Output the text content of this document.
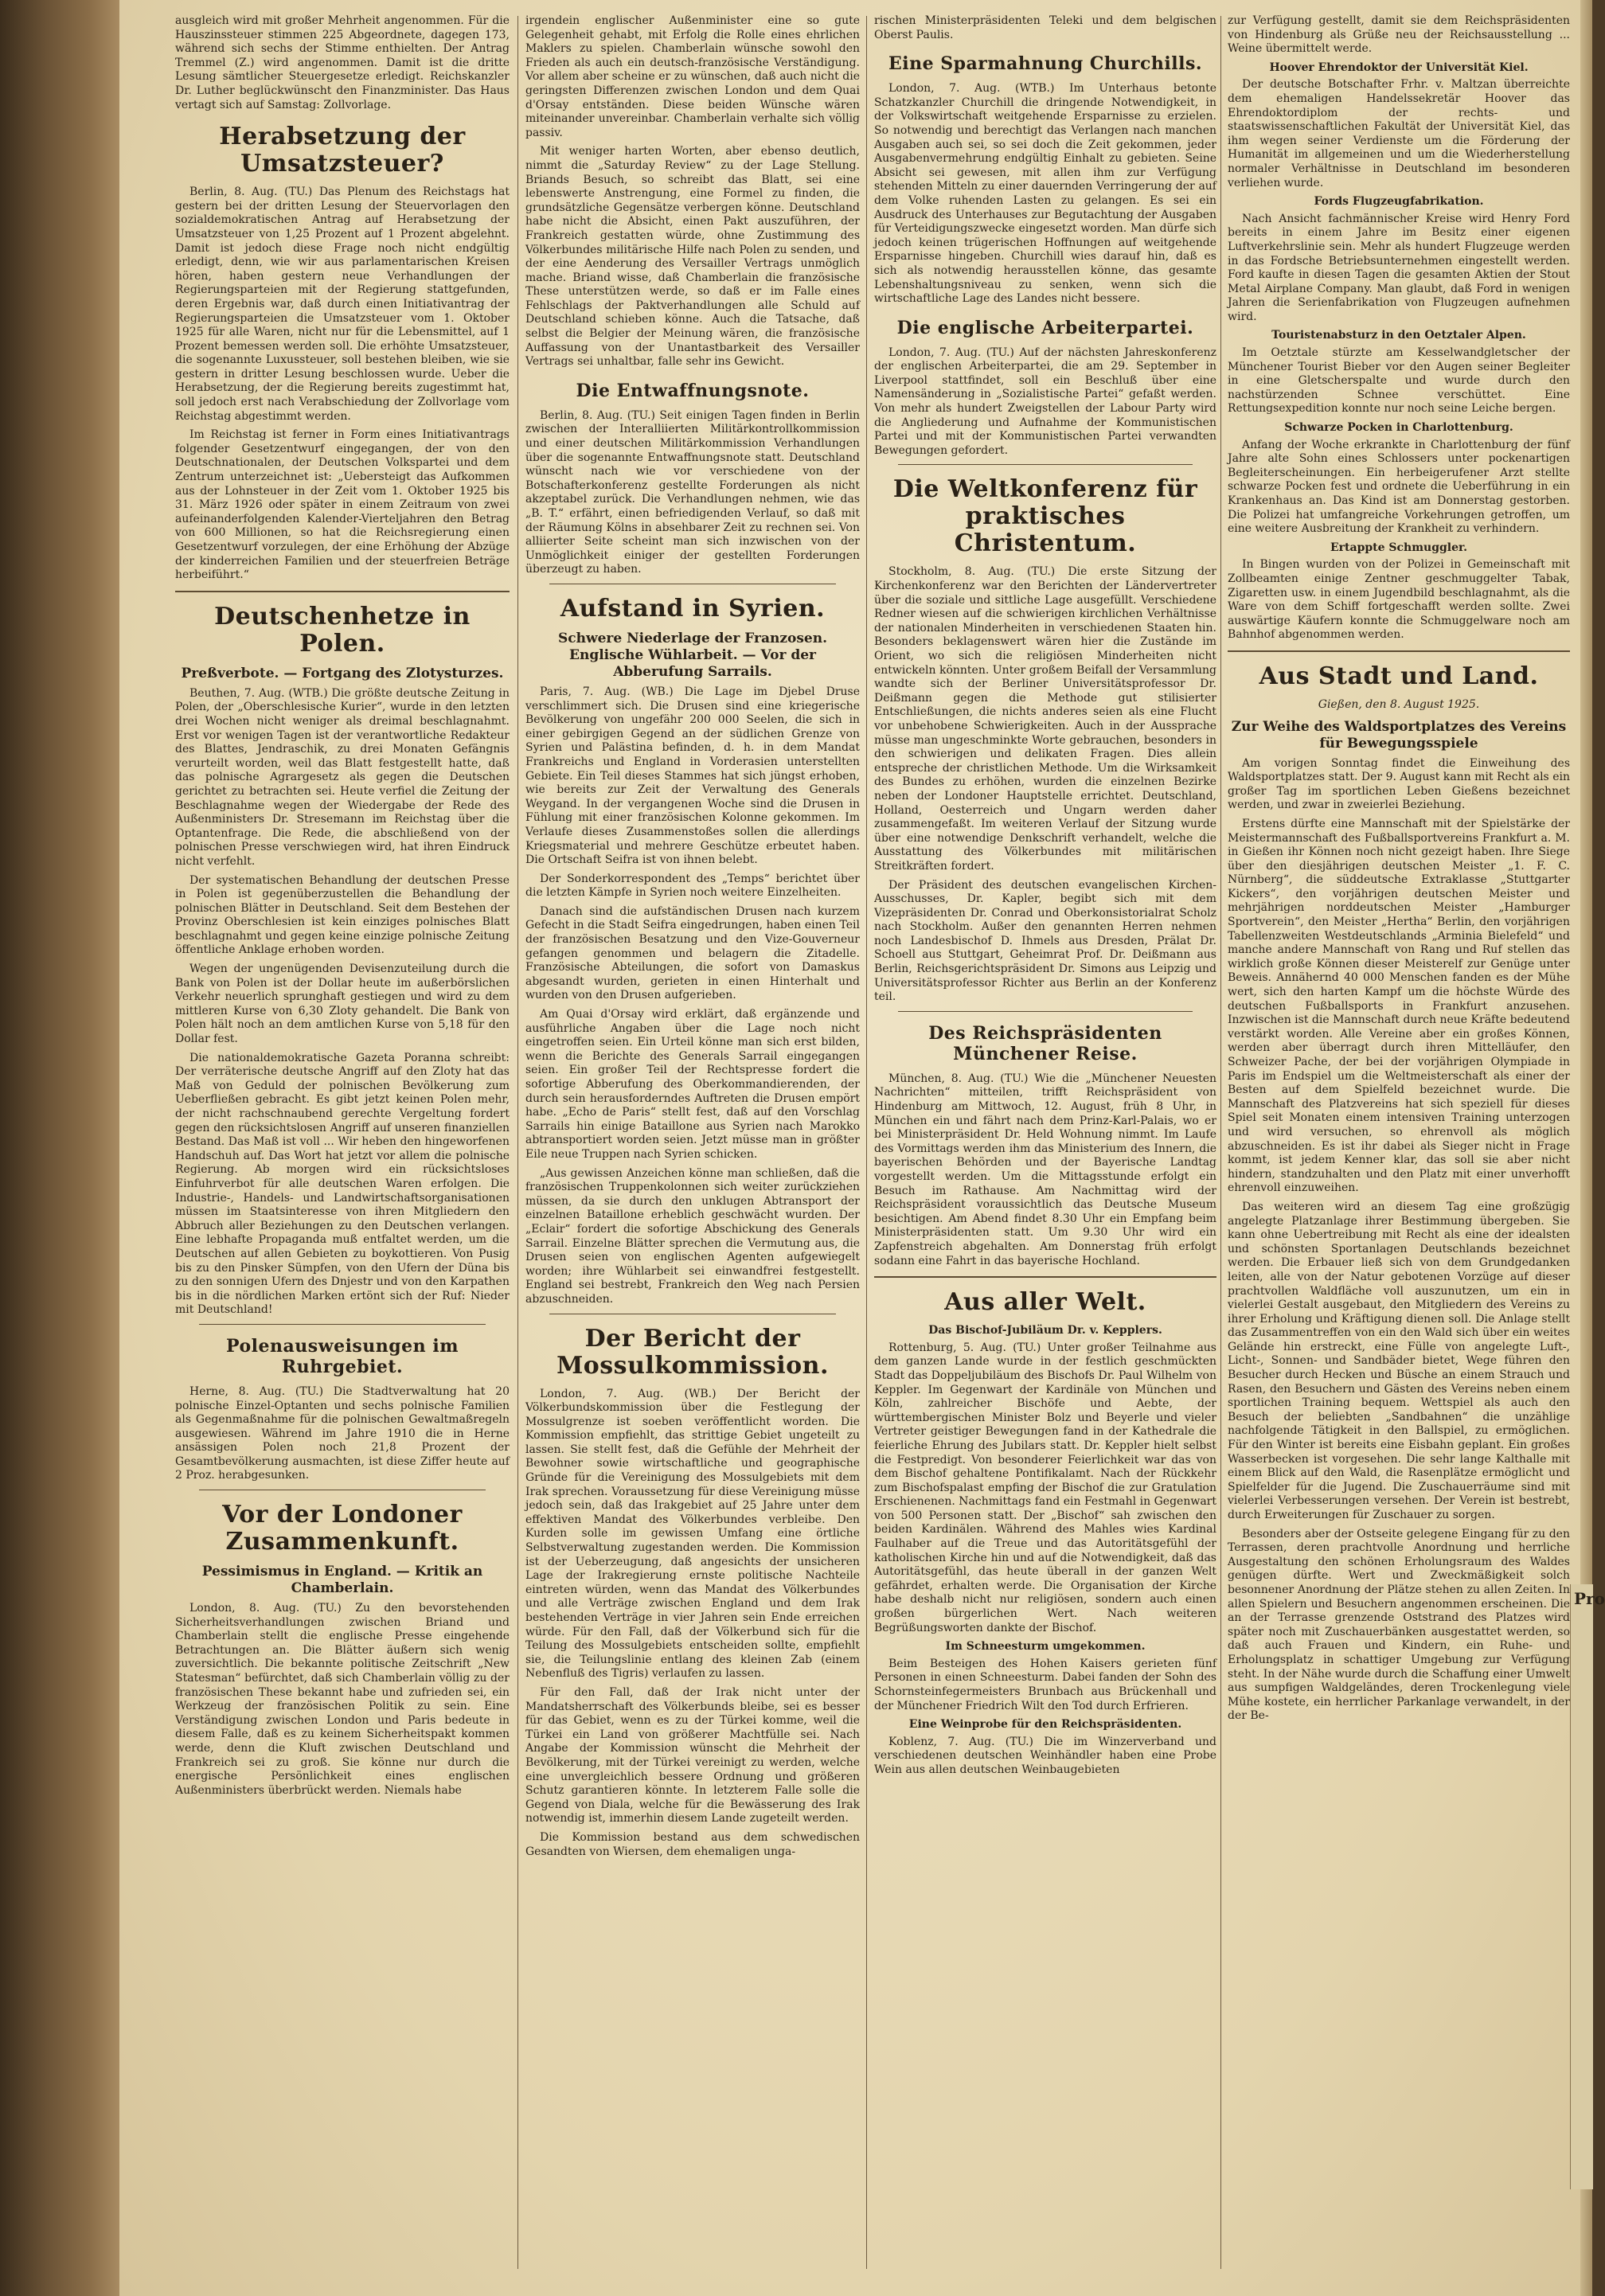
ausgleich wird mit großer Mehrheit angenommen. Für die Hauszinssteuer stimmen 225 Abgeordnete, dagegen 173, während sich sechs der Stimme enthielten. Der Antrag Tremmel (Z.) wird angenommen. Damit ist die dritte Lesung sämtlicher Steuergesetze erledigt. Reichskanzler Dr. Luther beglückwünscht den Finanzminister. Das Haus vertagt sich auf Samstag: Zollvorlage.

Herabsetzung der Umsatzsteuer?

Berlin, 8. Aug. (TU.) Das Plenum des Reichstags hat gestern bei der dritten Lesung der Steuervorlagen den sozialdemokratischen Antrag auf Herabsetzung der Umsatzsteuer von 1,25 Prozent auf 1 Prozent abgelehnt. Damit ist jedoch diese Frage noch nicht endgültig erledigt, denn, wie wir aus parlamentarischen Kreisen hören, haben gestern neue Verhandlungen der Regierungsparteien mit der Regierung stattgefunden, deren Ergebnis war, daß durch einen Initiativantrag der Regierungsparteien die Umsatzsteuer vom 1. Oktober 1925 für alle Waren, nicht nur für die Lebensmittel, auf 1 Prozent bemessen werden soll. Die erhöhte Umsatzsteuer, die sogenannte Luxussteuer, soll bestehen bleiben, wie sie gestern in dritter Lesung beschlossen wurde. Ueber die Herabsetzung, der die Regierung bereits zugestimmt hat, soll jedoch erst nach Verabschiedung der Zollvorlage vom Reichstag abgestimmt werden.

Im Reichstag ist ferner in Form eines Initiativantrags folgender Gesetzentwurf eingegangen, der von den Deutschnationalen, der Deutschen Volkspartei und dem Zentrum unterzeichnet ist: „Uebersteigt das Aufkommen aus der Lohnsteuer in der Zeit vom 1. Oktober 1925 bis 31. März 1926 oder später in einem Zeitraum von zwei aufeinanderfolgenden Kalender-Vierteljahren den Betrag von 600 Millionen, so hat die Reichsregierung einen Gesetzentwurf vorzulegen, der eine Erhöhung der Abzüge der kinderreichen Familien und der steuerfreien Beträge herbeiführt.“

Deutschenhetze in Polen.
Preßverbote. — Fortgang des Zlotysturzes.

Beuthen, 7. Aug. (WTB.) Die größte deutsche Zeitung in Polen, der „Oberschlesische Kurier“, wurde in den letzten drei Wochen nicht weniger als dreimal beschlagnahmt. Erst vor wenigen Tagen ist der verantwortliche Redakteur des Blattes, Jendraschik, zu drei Monaten Gefängnis verurteilt worden, weil das Blatt festgestellt hatte, daß das polnische Agrargesetz als gegen die Deutschen gerichtet zu betrachten sei. Heute verfiel die Zeitung der Beschlagnahme wegen der Wiedergabe der Rede des Außenministers Dr. Stresemann im Reichstag über die Optantenfrage. Die Rede, die abschließend von der polnischen Presse verschwiegen wird, hat ihren Eindruck nicht verfehlt.

Der systematischen Behandlung der deutschen Presse in Polen ist gegenüberzustellen die Behandlung der polnischen Blätter in Deutschland. Seit dem Bestehen der Provinz Oberschlesien ist kein einziges polnisches Blatt beschlagnahmt und gegen keine einzige polnische Zeitung öffentliche Anklage erhoben worden.

Wegen der ungenügenden Devisenzuteilung durch die Bank von Polen ist der Dollar heute im außerbörslichen Verkehr neuerlich sprunghaft gestiegen und wird zu dem mittleren Kurse von 6,30 Zloty gehandelt. Die Bank von Polen hält noch an dem amtlichen Kurse von 5,18 für den Dollar fest.

Die nationaldemokratische Gazeta Poranna schreibt: Der verräterische deutsche Angriff auf den Zloty hat das Maß von Geduld der polnischen Bevölkerung zum Ueberfließen gebracht. Es gibt jetzt keinen Polen mehr, der nicht rachschnaubend gerechte Vergeltung fordert gegen den rücksichtslosen Angriff auf unseren finanziellen Bestand. Das Maß ist voll ... Wir heben den hingeworfenen Handschuh auf. Das Wort hat jetzt vor allem die polnische Regierung. Ab morgen wird ein rücksichtsloses Einfuhrverbot für alle deutschen Waren erfolgen. Die Industrie-, Handels- und Landwirtschaftsorganisationen müssen im Staatsinteresse von ihren Mitgliedern den Abbruch aller Beziehungen zu den Deutschen verlangen. Eine lebhafte Propaganda muß entfaltet werden, um die Deutschen auf allen Gebieten zu boykottieren. Von Pusig bis zu den Pinsker Sümpfen, von den Ufern der Düna bis zu den sonnigen Ufern des Dnjestr und von den Karpathen bis in die nördlichen Marken ertönt sich der Ruf: Nieder mit Deutschland!

Polenausweisungen im Ruhrgebiet.

Herne, 8. Aug. (TU.) Die Stadtverwaltung hat 20 polnische Einzel-Optanten und sechs polnische Familien als Gegenmaßnahme für die polnischen Gewaltmaßregeln ausgewiesen. Während im Jahre 1910 die in Herne ansässigen Polen noch 21,8 Prozent der Gesamtbevölkerung ausmachten, ist diese Ziffer heute auf 2 Proz. herabgesunken.

Vor der Londoner Zusammenkunft.
Pessimismus in England. — Kritik an Chamberlain.

London, 8. Aug. (TU.) Zu den bevorstehenden Sicherheitsverhandlungen zwischen Briand und Chamberlain stellt die englische Presse eingehende Betrachtungen an. Die Blätter äußern sich wenig zuversichtlich. Die bekannte politische Zeitschrift „New Statesman“ befürchtet, daß sich Chamberlain völlig zu der französischen These bekannt habe und zufrieden sei, ein Werkzeug der französischen Politik zu sein. Eine Verständigung zwischen London und Paris bedeute in diesem Falle, daß es zu keinem Sicherheitspakt kommen werde, denn die Kluft zwischen Deutschland und Frankreich sei zu groß. Sie könne nur durch die energische Persönlichkeit eines englischen Außenministers überbrückt werden. Niemals habe

irgendein englischer Außenminister eine so gute Gelegenheit gehabt, mit Erfolg die Rolle eines ehrlichen Maklers zu spielen. Chamberlain wünsche sowohl den Frieden als auch ein deutsch-französische Verständigung. Vor allem aber scheine er zu wünschen, daß auch nicht die geringsten Differenzen zwischen London und dem Quai d'Orsay entständen. Diese beiden Wünsche wären miteinander unvereinbar. Chamberlain verhalte sich völlig passiv.

Mit weniger harten Worten, aber ebenso deutlich, nimmt die „Saturday Review“ zu der Lage Stellung. Briands Besuch, so schreibt das Blatt, sei eine lebenswerte Anstrengung, eine Formel zu finden, die grundsätzliche Gegensätze verbergen könne. Deutschland habe nicht die Absicht, einen Pakt auszuführen, der Frankreich gestatten würde, ohne Zustimmung des Völkerbundes militärische Hilfe nach Polen zu senden, und der eine Aenderung des Versailler Vertrags unmöglich mache. Briand wisse, daß Chamberlain die französische These unterstützen werde, so daß er im Falle eines Fehlschlags der Paktverhandlungen alle Schuld auf Deutschland schieben könne. Auch die Tatsache, daß selbst die Belgier der Meinung wären, die französische Auffassung von der Unantastbarkeit des Versailler Vertrags sei unhaltbar, falle sehr ins Gewicht.

Die Entwaffnungsnote.

Berlin, 8. Aug. (TU.) Seit einigen Tagen finden in Berlin zwischen der Interalliierten Militärkontrollkommission und einer deutschen Militärkommission Verhandlungen über die sogenannte Entwaffnungsnote statt. Deutschland wünscht nach wie vor verschiedene von der Botschafterkonferenz gestellte Forderungen als nicht akzeptabel zurück. Die Verhandlungen nehmen, wie das „B. T.“ erfährt, einen befriedigenden Verlauf, so daß mit der Räumung Kölns in absehbarer Zeit zu rechnen sei. Von alliierter Seite scheint man sich inzwischen von der Unmöglichkeit einiger der gestellten Forderungen überzeugt zu haben.

Aufstand in Syrien.
Schwere Niederlage der Franzosen. Englische Wühlarbeit. — Vor der Abberufung Sarrails.

Paris, 7. Aug. (WB.) Die Lage im Djebel Druse verschlimmert sich. Die Drusen sind eine kriegerische Bevölkerung von ungefähr 200 000 Seelen, die sich in einer gebirgigen Gegend an der südlichen Grenze von Syrien und Palästina befinden, d. h. in dem Mandat Frankreichs und England in Vorderasien unterstellten Gebiete. Ein Teil dieses Stammes hat sich jüngst erhoben, wie bereits zur Zeit der Verwaltung des Generals Weygand. In der vergangenen Woche sind die Drusen in Fühlung mit einer französischen Kolonne gekommen. Im Verlaufe dieses Zusammenstoßes sollen die allerdings Kriegsmaterial und mehrere Geschütze erbeutet haben. Die Ortschaft Seifra ist von ihnen belebt.

Der Sonderkorrespondent des „Temps“ berichtet über die letzten Kämpfe in Syrien noch weitere Einzelheiten.

Danach sind die aufständischen Drusen nach kurzem Gefecht in die Stadt Seifra eingedrungen, haben einen Teil der französischen Besatzung und den Vize-Gouverneur gefangen genommen und belagern die Zitadelle. Französische Abteilungen, die sofort von Damaskus abgesandt wurden, gerieten in einen Hinterhalt und wurden von den Drusen aufgerieben.

Am Quai d'Orsay wird erklärt, daß ergänzende und ausführliche Angaben über die Lage noch nicht eingetroffen seien. Ein Urteil könne man sich erst bilden, wenn die Berichte des Generals Sarrail eingegangen seien. Ein großer Teil der Rechtspresse fordert die sofortige Abberufung des Oberkommandierenden, der durch sein herausforderndes Auftreten die Drusen empört habe. „Echo de Paris“ stellt fest, daß auf den Vorschlag Sarrails hin einige Bataillone aus Syrien nach Marokko abtransportiert worden seien. Jetzt müsse man in größter Eile neue Truppen nach Syrien schicken.

„Aus gewissen Anzeichen könne man schließen, daß die französischen Truppenkolonnen sich weiter zurückziehen müssen, da sie durch den unklugen Abtransport der einzelnen Bataillone erheblich geschwächt wurden. Der „Eclair“ fordert die sofortige Abschickung des Generals Sarrail. Einzelne Blätter sprechen die Vermutung aus, die Drusen seien von englischen Agenten aufgewiegelt worden; ihre Wühlarbeit sei einwandfrei festgestellt. England sei bestrebt, Frankreich den Weg nach Persien abzuschneiden.

Der Bericht der Mossulkommission.

London, 7. Aug. (WB.) Der Bericht der Völkerbundskommission über die Festlegung der Mossulgrenze ist soeben veröffentlicht worden. Die Kommission empfiehlt, das strittige Gebiet ungeteilt zu lassen. Sie stellt fest, daß die Gefühle der Mehrheit der Bewohner sowie wirtschaftliche und geographische Gründe für die Vereinigung des Mossulgebiets mit dem Irak sprechen. Voraussetzung für diese Vereinigung müsse jedoch sein, daß das Irakgebiet auf 25 Jahre unter dem effektiven Mandat des Völkerbundes verbleibe. Den Kurden solle im gewissen Umfang eine örtliche Selbstverwaltung zugestanden werden. Die Kommission ist der Ueberzeugung, daß angesichts der unsicheren Lage der Irakregierung ernste politische Nachteile eintreten würden, wenn das Mandat des Völkerbundes und alle Verträge zwischen England und dem Irak bestehenden Verträge in vier Jahren sein Ende erreichen würde. Für den Fall, daß der Völkerbund sich für die Teilung des Mossulgebiets entscheiden sollte, empfiehlt sie, die Teilungslinie entlang des kleinen Zab (einem Nebenfluß des Tigris) verlaufen zu lassen.

Für den Fall, daß der Irak nicht unter der Mandatsherrschaft des Völkerbunds bleibe, sei es besser für das Gebiet, wenn es zu der Türkei komme, weil die Türkei ein Land von größerer Machtfülle sei. Nach Angabe der Kommission wünscht die Mehrheit der Bevölkerung, mit der Türkei vereinigt zu werden, welche eine unvergleichlich bessere Ordnung und größeren Schutz garantieren könnte. In letzterem Falle solle die Gegend von Diala, welche für die Bewässerung des Irak notwendig ist, immerhin diesem Lande zugeteilt werden.

Die Kommission bestand aus dem schwedischen Gesandten von Wiersen, dem ehemaligen unga-

rischen Ministerpräsidenten Teleki und dem belgischen Oberst Paulis.

Eine Sparmahnung Churchills.

London, 7. Aug. (WTB.) Im Unterhaus betonte Schatzkanzler Churchill die dringende Notwendigkeit, in der Volkswirtschaft weitgehende Ersparnisse zu erzielen. So notwendig und berechtigt das Verlangen nach manchen Ausgaben auch sei, so sei doch die Zeit gekommen, jeder Ausgabenvermehrung endgültig Einhalt zu gebieten. Seine Absicht sei gewesen, mit allen ihm zur Verfügung stehenden Mitteln zu einer dauernden Verringerung der auf dem Volke ruhenden Lasten zu gelangen. Es sei ein Ausdruck des Unterhauses zur Begutachtung der Ausgaben für Verteidigungszwecke eingesetzt worden. Man dürfe sich jedoch keinen trügerischen Hoffnungen auf weitgehende Ersparnisse hingeben. Churchill wies darauf hin, daß es sich als notwendig herausstellen könne, das gesamte Lebenshaltungsniveau zu senken, wenn sich die wirtschaftliche Lage des Landes nicht bessere.

Die englische Arbeiterpartei.

London, 7. Aug. (TU.) Auf der nächsten Jahreskonferenz der englischen Arbeiterpartei, die am 29. September in Liverpool stattfindet, soll ein Beschluß über eine Namensänderung in „Sozialistische Partei“ gefaßt werden. Von mehr als hundert Zweigstellen der Labour Party wird die Angliederung und Aufnahme der Kommunistischen Partei und mit der Kommunistischen Partei verwandten Bewegungen gefordert.

Die Weltkonferenz für praktisches Christentum.

Stockholm, 8. Aug. (TU.) Die erste Sitzung der Kirchenkonferenz war den Berichten der Ländervertreter über die soziale und sittliche Lage ausgefüllt. Verschiedene Redner wiesen auf die schwierigen kirchlichen Verhältnisse der nationalen Minderheiten in verschiedenen Staaten hin. Besonders beklagenswert wären hier die Zustände im Orient, wo sich die religiösen Minderheiten nicht entwickeln könnten. Unter großem Beifall der Versammlung wandte sich der Berliner Universitätsprofessor Dr. Deißmann gegen die Methode gut stilisierter Entschließungen, die nichts anderes seien als eine Flucht vor unbehobene Schwierigkeiten. Auch in der Aussprache müsse man ungeschminkte Worte gebrauchen, besonders in den schwierigen und delikaten Fragen. Dies allein entspreche der christlichen Methode. Um die Wirksamkeit des Bundes zu erhöhen, wurden die einzelnen Bezirke neben der Londoner Hauptstelle errichtet. Deutschland, Holland, Oesterreich und Ungarn werden daher zusammengefaßt. Im weiteren Verlauf der Sitzung wurde über eine notwendige Denkschrift verhandelt, welche die Ausstattung des Völkerbundes mit militärischen Streitkräften fordert.

Der Präsident des deutschen evangelischen Kirchen-Ausschusses, Dr. Kapler, begibt sich mit dem Vizepräsidenten Dr. Conrad und Oberkonsistorialrat Scholz nach Stockholm. Außer den genannten Herren nehmen noch Landesbischof D. Ihmels aus Dresden, Prälat Dr. Schoell aus Stuttgart, Geheimrat Prof. Dr. Deißmann aus Berlin, Reichsgerichtspräsident Dr. Simons aus Leipzig und Universitätsprofessor Richter aus Berlin an der Konferenz teil.

Des Reichspräsidenten Münchener Reise.

München, 8. Aug. (TU.) Wie die „Münchener Neuesten Nachrichten“ mitteilen, trifft Reichspräsident von Hindenburg am Mittwoch, 12. August, früh 8 Uhr, in München ein und fährt nach dem Prinz-Karl-Palais, wo er bei Ministerpräsident Dr. Held Wohnung nimmt. Im Laufe des Vormittags werden ihm das Ministerium des Innern, die bayerischen Behörden und der Bayerische Landtag vorgestellt werden. Um die Mittagsstunde erfolgt ein Besuch im Rathause. Am Nachmittag wird der Reichspräsident voraussichtlich das Deutsche Museum besichtigen. Am Abend findet 8.30 Uhr ein Empfang beim Ministerpräsidenten statt. Um 9.30 Uhr wird ein Zapfenstreich abgehalten. Am Donnerstag früh erfolgt sodann eine Fahrt in das bayerische Hochland.

Aus aller Welt.
Das Bischof-Jubiläum Dr. v. Kepplers.

Rottenburg, 5. Aug. (TU.) Unter großer Teilnahme aus dem ganzen Lande wurde in der festlich geschmückten Stadt das Doppeljubiläum des Bischofs Dr. Paul Wilhelm von Keppler. Im Gegenwart der Kardinäle von München und Köln, zahlreicher Bischöfe und Aebte, der württembergischen Minister Bolz und Beyerle und vieler Vertreter geistiger Bewegungen fand in der Kathedrale die feierliche Ehrung des Jubilars statt. Dr. Keppler hielt selbst die Festpredigt. Von besonderer Feierlichkeit war das von dem Bischof gehaltene Pontifikalamt. Nach der Rückkehr zum Bischofspalast empfing der Bischof die zur Gratulation Erschienenen. Nachmittags fand ein Festmahl in Gegenwart von 500 Personen statt. Der „Bischof“ sah zwischen den beiden Kardinälen. Während des Mahles wies Kardinal Faulhaber auf die Treue und das Autoritätsgefühl der katholischen Kirche hin und auf die Notwendigkeit, daß das Autoritätsgefühl, das heute überall in der ganzen Welt gefährdet, erhalten werde. Die Organisation der Kirche habe deshalb nicht nur religiösen, sondern auch einen großen bürgerlichen Wert. Nach weiteren Begrüßungsworten dankte der Bischof.

Im Schneesturm umgekommen.

Beim Besteigen des Hohen Kaisers gerieten fünf Personen in einen Schneesturm. Dabei fanden der Sohn des Schornsteinfegermeisters Brunbach aus Brückenhall und der Münchener Friedrich Wilt den Tod durch Erfrieren.

Eine Weinprobe für den Reichspräsidenten.

Koblenz, 7. Aug. (TU.) Die im Winzerverband und verschiedenen deutschen Weinhändler haben eine Probe Wein aus allen deutschen Weinbaugebieten

zur Verfügung gestellt, damit sie dem Reichspräsidenten von Hindenburg als Grüße neu der Reichsausstellung ... Weine übermittelt werde.

Hoover Ehrendoktor der Universität Kiel.

Der deutsche Botschafter Frhr. v. Maltzan überreichte dem ehemaligen Handelssekretär Hoover das Ehrendoktordiplom der rechts- und staatswissenschaftlichen Fakultät der Universität Kiel, das ihm wegen seiner Verdienste um die Förderung der Humanität im allgemeinen und um die Wiederherstellung normaler Verhältnisse in Deutschland im besonderen verliehen wurde.

Fords Flugzeugfabrikation.

Nach Ansicht fachmännischer Kreise wird Henry Ford bereits in einem Jahre im Besitz einer eigenen Luftverkehrslinie sein. Mehr als hundert Flugzeuge werden in das Fordsche Betriebsunternehmen eingestellt werden. Ford kaufte in diesen Tagen die gesamten Aktien der Stout Metal Airplane Company. Man glaubt, daß Ford in wenigen Jahren die Serienfabrikation von Flugzeugen aufnehmen wird.

Touristenabsturz in den Oetztaler Alpen.

Im Oetztale stürzte am Kesselwandgletscher der Münchener Tourist Bieber vor den Augen seiner Begleiter in eine Gletscherspalte und wurde durch den nachstürzenden Schnee verschüttet. Eine Rettungsexpedition konnte nur noch seine Leiche bergen.

Schwarze Pocken in Charlottenburg.

Anfang der Woche erkrankte in Charlottenburg der fünf Jahre alte Sohn eines Schlossers unter pockenartigen Begleiterscheinungen. Ein herbeigerufener Arzt stellte schwarze Pocken fest und ordnete die Ueberführung in ein Krankenhaus an. Das Kind ist am Donnerstag gestorben. Die Polizei hat umfangreiche Vorkehrungen getroffen, um eine weitere Ausbreitung der Krankheit zu verhindern.

Ertappte Schmuggler.

In Bingen wurden von der Polizei in Gemeinschaft mit Zollbeamten einige Zentner geschmuggelter Tabak, Zigaretten usw. in einem Jugendbild beschlagnahmt, als die Ware von dem Schiff fortgeschafft werden sollte. Zwei auswärtige Käufern konnte die Schmuggelware noch am Bahnhof abgenommen werden.

Aus Stadt und Land.
Gießen, den 8. August 1925.
Zur Weihe des Waldsportplatzes des Vereins für Bewegungsspiele

Am vorigen Sonntag findet die Einweihung des Waldsportplatzes statt. Der 9. August kann mit Recht als ein großer Tag im sportlichen Leben Gießens bezeichnet werden, und zwar in zweierlei Beziehung.

Erstens dürfte eine Mannschaft mit der Spielstärke der Meistermannschaft des Fußballsportvereins Frankfurt a. M. in Gießen ihr Können noch nicht gezeigt haben. Ihre Siege über den diesjährigen deutschen Meister „1. F. C. Nürnberg“, die süddeutsche Extraklasse „Stuttgarter Kickers“, den vorjährigen deutschen Meister und mehrjährigen norddeutschen Meister „Hamburger Sportverein“, den Meister „Hertha“ Berlin, den vorjährigen Tabellenzweiten Westdeutschlands „Arminia Bielefeld“ und manche andere Mannschaft von Rang und Ruf stellen das wirklich große Können dieser Meisterelf zur Genüge unter Beweis. Annähernd 40 000 Menschen fanden es der Mühe wert, sich den harten Kampf um die höchste Würde des deutschen Fußballsports in Frankfurt anzusehen. Inzwischen ist die Mannschaft durch neue Kräfte bedeutend verstärkt worden. Alle Vereine aber ein großes Können, werden aber überragt durch ihren Mittelläufer, den Schweizer Pache, der bei der vorjährigen Olympiade in Paris im Endspiel um die Weltmeisterschaft als einer der Besten auf dem Spielfeld bezeichnet wurde. Die Mannschaft des Platzvereins hat sich speziell für dieses Spiel seit Monaten einem intensiven Training unterzogen und wird versuchen, so ehrenvoll als möglich abzuschneiden. Es ist ihr dabei als Sieger nicht in Frage kommt, ist jedem Kenner klar, das soll sie aber nicht hindern, standzuhalten und den Platz mit einer unverhofft ehrenvoll einzuweihen.

Das weiteren wird an diesem Tag eine großzügig angelegte Platzanlage ihrer Bestimmung übergeben. Sie kann ohne Uebertreibung mit Recht als eine der idealsten und schönsten Sportanlagen Deutschlands bezeichnet werden. Die Erbauer ließ sich von dem Grundgedanken leiten, alle von der Natur gebotenen Vorzüge auf dieser prachtvollen Waldfläche voll auszunutzen, um ein in vielerlei Gestalt ausgebaut, den Mitgliedern des Vereins zu ihrer Erholung und Kräftigung dienen soll. Die Anlage stellt das Zusammentreffen von ein den Wald sich über ein weites Gelände hin erstreckt, eine Fülle von angelegte Luft-, Licht-, Sonnen- und Sandbäder bietet, Wege führen den Besucher durch Hecken und Büsche an einem Strauch und Rasen, den Besuchern und Gästen des Vereins neben einem sportlichen Training bequem. Wettspiel als auch den Besuch der beliebten „Sandbahnen“ die unzählige nachfolgende Tätigkeit in den Ballspiel, zu ermöglichen. Für den Winter ist bereits eine Eisbahn geplant. Ein großes Wasserbecken ist vorgesehen. Die sehr lange Kalthalle mit einem Blick auf den Wald, die Rasenplätze ermöglicht und Spielfelder für die Jugend. Die Zuschauerräume sind mit vielerlei Verbesserungen versehen. Der Verein ist bestrebt, durch Erweiterungen für Zuschauer zu sorgen.

Besonders aber der Ostseite gelegene Eingang für zu den Terrassen, deren prachtvolle Anordnung und herrliche Ausgestaltung den schönen Erholungsraum des Waldes genügen dürfte. Wert und Zweckmäßigkeit solch besonnener Anordnung der Plätze stehen zu allen Zeiten. In allen Spielern und Besuchern angenommen erscheinen. Die an der Terrasse grenzende Oststrand des Platzes wird später noch mit Zuschauerbänken ausgestattet werden, so daß auch Frauen und Kindern, ein Ruhe- und Erholungsplatz in schattiger Umgebung zur Verfügung steht. In der Nähe wurde durch die Schaffung einer Umwelt aus sumpfigen Waldgeländes, deren Trockenlegung viele Mühe kostete, ein herrlicher Parkanlage verwandelt, in der der Be-

Pro
